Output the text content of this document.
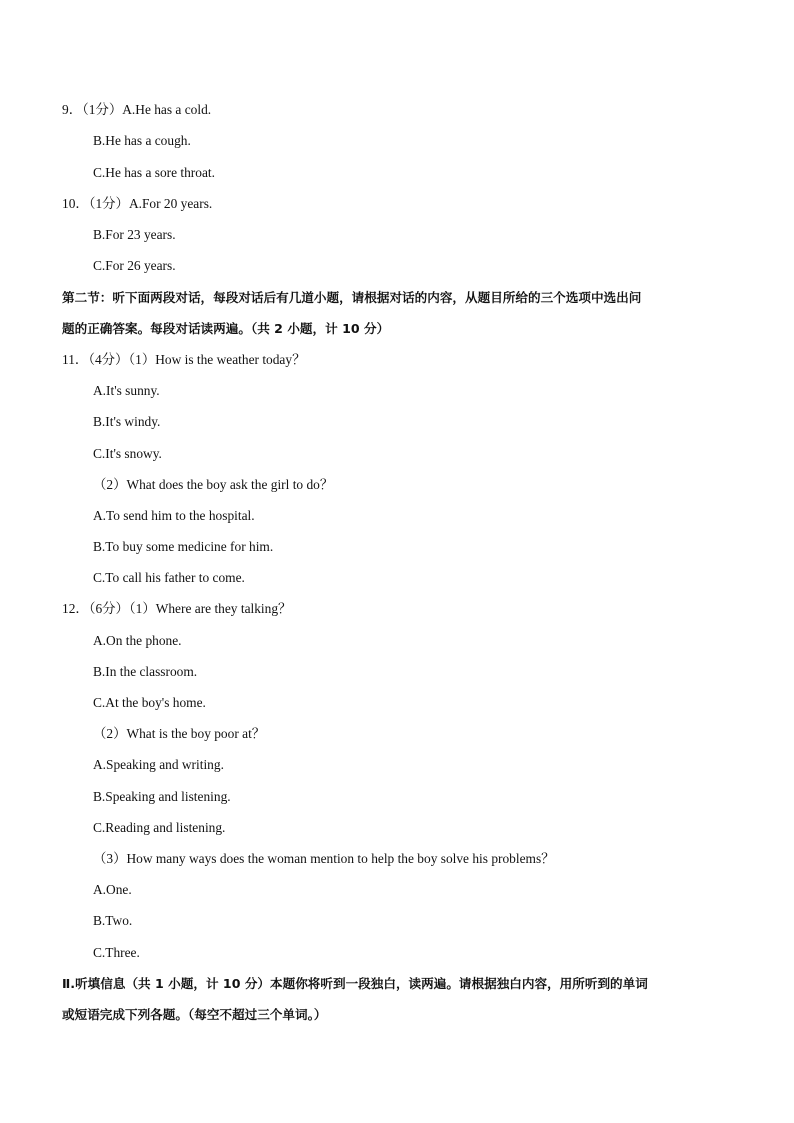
9．（1分）A.He has a cold.
B.He has a cough.
C.He has a sore throat.
10．（1分）A.For 20 years.
B.For 23 years.
C.For 26 years.
第二节：听下面两段对话，每段对话后有几道小题，请根据对话的内容，从题目所给的三个选项中选出问
题的正确答案。每段对话读两遍。（共 2 小题，计 10 分）
11．（4分）（1）How is the weather today？
A.It's sunny.
B.It's windy.
C.It's snowy.
（2）What does the boy ask the girl to do？
A.To send him to the hospital.
B.To buy some medicine for him.
C.To call his father to come.
12．（6分）（1）Where are they talking？
A.On the phone.
B.In the classroom.
C.At the boy's home.
（2）What is the boy poor at？
A.Speaking and writing.
B.Speaking and listening.
C.Reading and listening.
（3）How many ways does the woman mention to help the boy solve his problems？
A.One.
B.Two.
C.Three.
Ⅱ.听填信息（共 1 小题，计 10 分）本题你将听到一段独白，读两遍。请根据独白内容，用所听到的单词
或短语完成下列各题。（每空不超过三个单词。）
